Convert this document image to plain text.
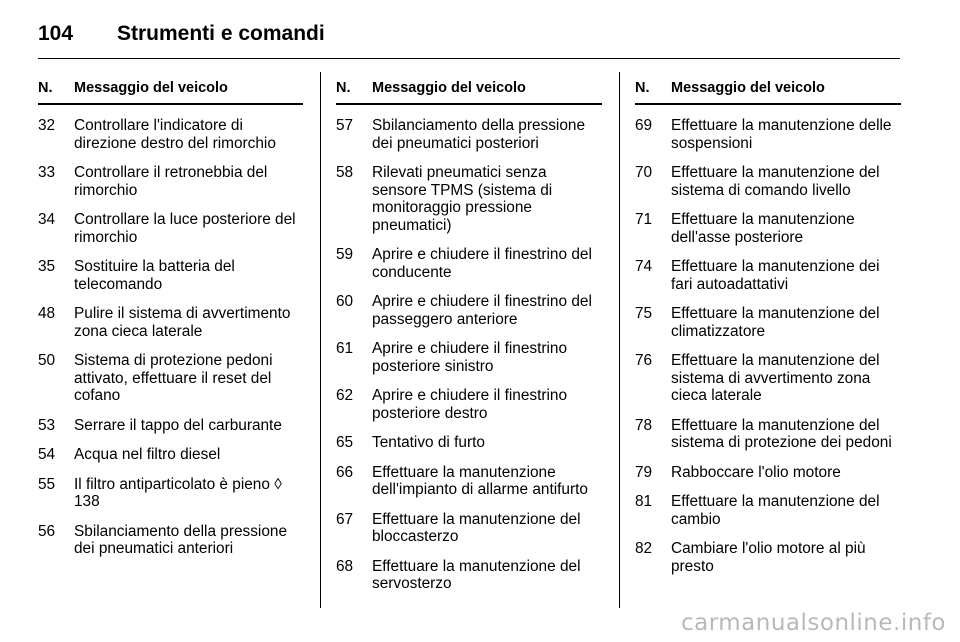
104 Strumenti e comandi
N.	Messaggio del veicolo
32	Controllare l'indicatore di direzione destro del rimorchio
33	Controllare il retronebbia del rimorchio
34	Controllare la luce posteriore del rimorchio
35	Sostituire la batteria del telecomando
48	Pulire il sistema di avvertimento zona cieca laterale
50	Sistema di protezione pedoni attivato, effettuare il reset del cofano
53	Serrare il tappo del carburante
54	Acqua nel filtro diesel
55	Il filtro antiparticolato è pieno ◊ 138
56	Sbilanciamento della pressione dei pneumatici anteriori
N.	Messaggio del veicolo
57	Sbilanciamento della pressione dei pneumatici posteriori
58	Rilevati pneumatici senza sensore TPMS (sistema di monitoraggio pressione pneumatici)
59	Aprire e chiudere il finestrino del conducente
60	Aprire e chiudere il finestrino del passeggero anteriore
61	Aprire e chiudere il finestrino posteriore sinistro
62	Aprire e chiudere il finestrino posteriore destro
65	Tentativo di furto
66	Effettuare la manutenzione dell'impianto di allarme antifurto
67	Effettuare la manutenzione del bloccasterzo
68	Effettuare la manutenzione del servosterzo
N.	Messaggio del veicolo
69	Effettuare la manutenzione delle sospensioni
70	Effettuare la manutenzione del sistema di comando livello
71	Effettuare la manutenzione dell'asse posteriore
74	Effettuare la manutenzione dei fari autoadattativi
75	Effettuare la manutenzione del climatizzatore
76	Effettuare la manutenzione del sistema di avvertimento zona cieca laterale
78	Effettuare la manutenzione del sistema di protezione dei pedoni
79	Rabboccare l'olio motore
81	Effettuare la manutenzione del cambio
82	Cambiare l'olio motore al più presto
carmanualsonline.info
